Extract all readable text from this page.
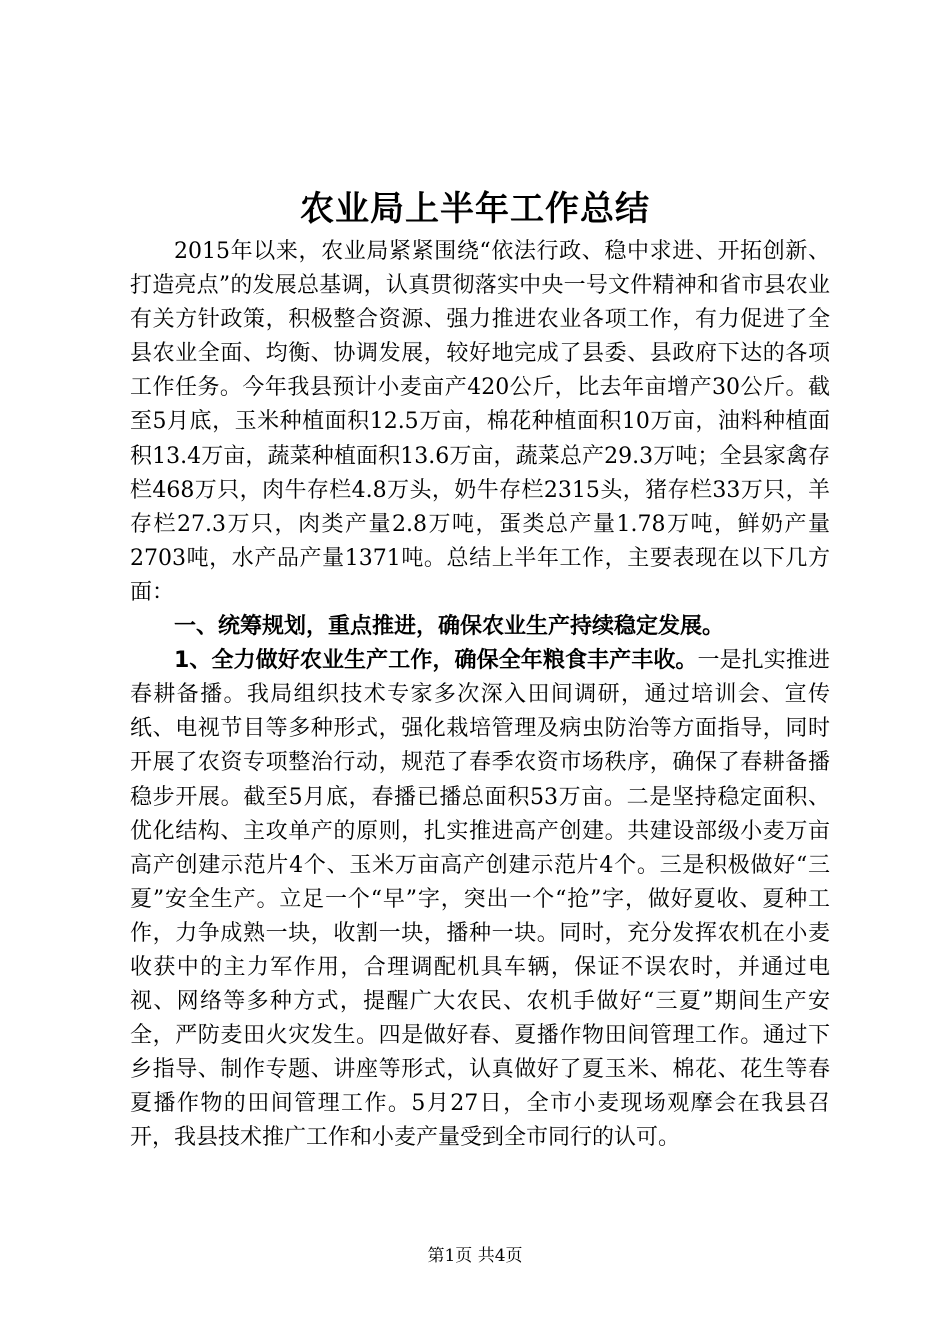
农业局上半年工作总结

2015年以来，农业局紧紧围绕“依法行政、稳中求进、开拓创新、打造亮点”的发展总基调，认真贯彻落实中央一号文件精神和省市县农业有关方针政策，积极整合资源、强力推进农业各项工作，有力促进了全县农业全面、均衡、协调发展，较好地完成了县委、县政府下达的各项工作任务。今年我县预计小麦亩产420公斤，比去年亩增产30公斤。截至5月底，玉米种植面积12.5万亩，棉花种植面积10万亩，油料种植面积13.4万亩，蔬菜种植面积13.6万亩，蔬菜总产29.3万吨；全县家禽存栏468万只，肉牛存栏4.8万头，奶牛存栏2315头，猪存栏33万只，羊存栏27.3万只，肉类产量2.8万吨，蛋类总产量1.78万吨，鲜奶产量2703吨，水产品产量1371吨。总结上半年工作，主要表现在以下几方面：

一、统筹规划，重点推进，确保农业生产持续稳定发展。

1、全力做好农业生产工作，确保全年粮食丰产丰收。一是扎实推进春耕备播。我局组织技术专家多次深入田间调研，通过培训会、宣传纸、电视节目等多种形式，强化栽培管理及病虫防治等方面指导，同时开展了农资专项整治行动，规范了春季农资市场秩序，确保了春耕备播稳步开展。截至5月底，春播已播总面积53万亩。二是坚持稳定面积、优化结构、主攻单产的原则，扎实推进高产创建。共建设部级小麦万亩高产创建示范片4个、玉米万亩高产创建示范片4个。三是积极做好“三夏”安全生产。立足一个“早”字，突出一个“抢”字，做好夏收、夏种工作，力争成熟一块，收割一块，播种一块。同时，充分发挥农机在小麦收获中的主力军作用，合理调配机具车辆，保证不误农时，并通过电视、网络等多种方式，提醒广大农民、农机手做好“三夏”期间生产安全，严防麦田火灾发生。四是做好春、夏播作物田间管理工作。通过下乡指导、制作专题、讲座等形式，认真做好了夏玉米、棉花、花生等春夏播作物的田间管理工作。5月27日，全市小麦现场观摩会在我县召开，我县技术推广工作和小麦产量受到全市同行的认可。

第1页 共4页
